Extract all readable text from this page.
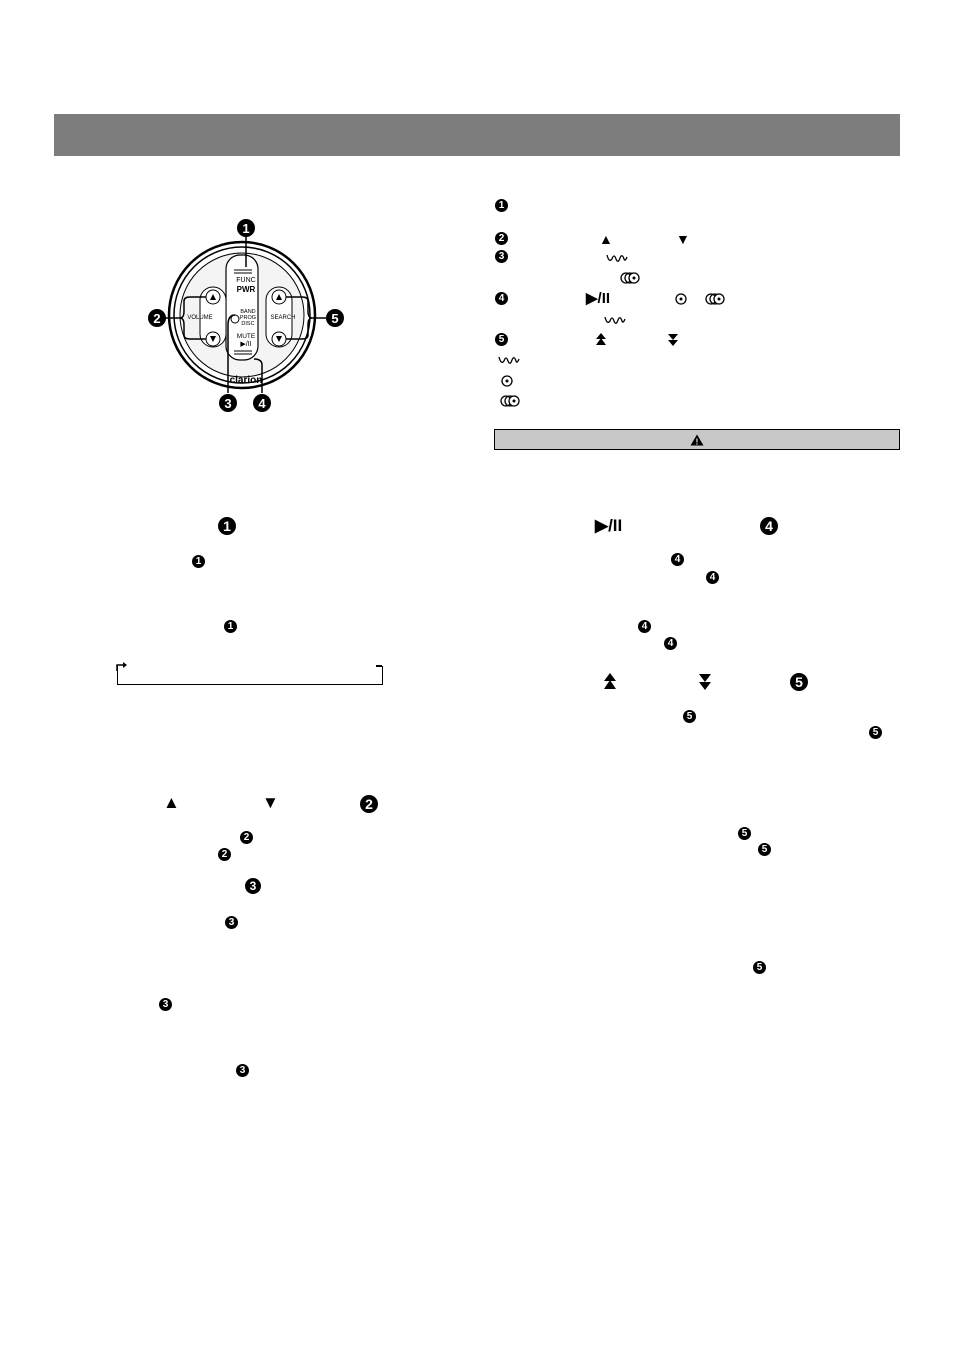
FUNC
PWR
VOLUME	SEARCH
BAND
PROG
DISC
MUTE
▶/II
clarion
1
2
3 4
5
1
2	▲	▼
3
4	▶/II
5
!
1
1
1
▲	▼	2
2
2
3
3
3
3
▶/II	4
4
4
4
4
5
5
5
5
5
5
